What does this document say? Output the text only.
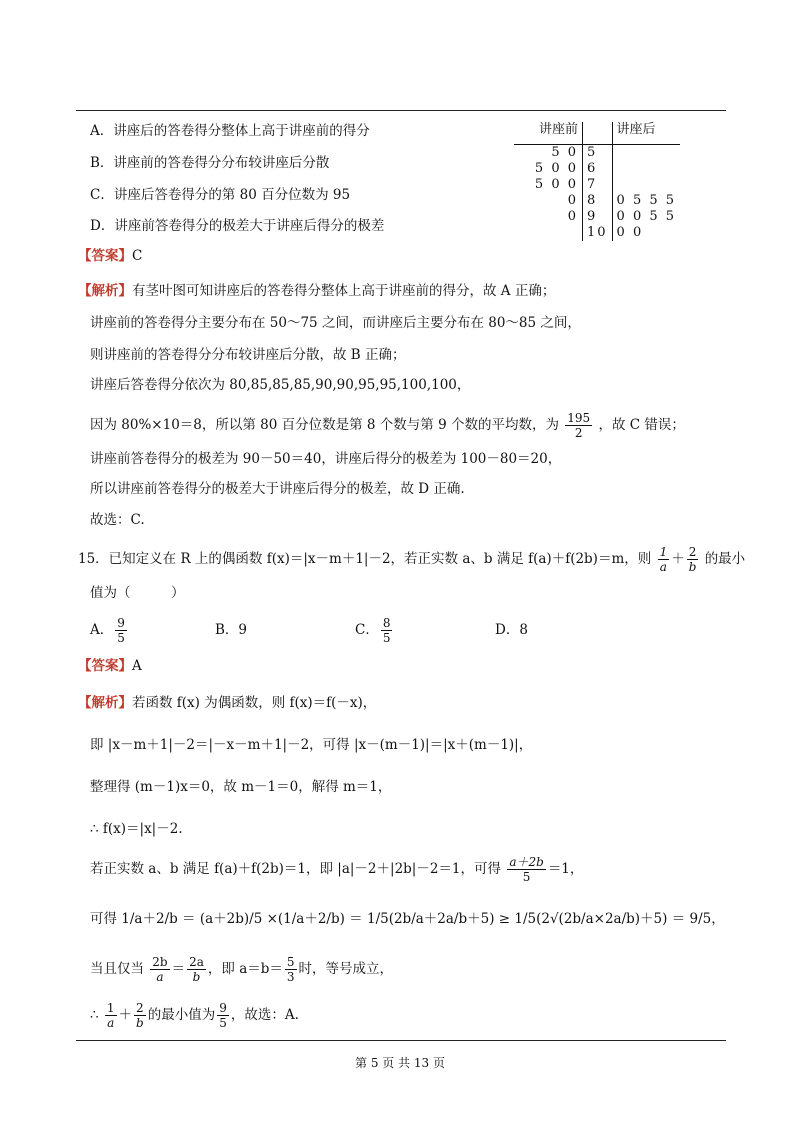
A．讲座后的答卷得分整体上高于讲座前的得分
B．讲座前的答卷得分分布较讲座后分散
C．讲座后答卷得分的第 80 百分位数为 95
D．讲座前答卷得分的极差大于讲座后得分的极差
讲座前		讲座后
5 0	5	
5 0 0	6	
5 0 0	7	
0	8	0 5 5 5
0	9	0 0 5 5
	10	0 0
【答案】C
【解析】有茎叶图可知讲座后的答卷得分整体上高于讲座前的得分，故 A 正确；
讲座前的答卷得分主要分布在 50～75 之间，而讲座后主要分布在 80～85 之间，
则讲座前的答卷得分分布较讲座后分散，故 B 正确；
讲座后答卷得分依次为 80,85,85,85,90,90,95,95,100,100，
因为 80%×10＝8，所以第 80 百分位数是第 8 个数与第 9 个数的平均数，为 $\frac{195}{2}$ ，故 C 错误；
讲座前答卷得分的极差为 90－50＝40，讲座后得分的极差为 100－80＝20，
所以讲座前答卷得分的极差大于讲座后得分的极差，故 D 正确.
故选：C.
15．已知定义在 R 上的偶函数 f(x)＝|x－m＋1|－2，若正实数 a、b 满足 f(a)＋f(2b)＝m，则 $\frac{1}{a} + \frac{2}{b}$ 的最小
值为（　　　）
A． $\frac{9}{5}$	B．9	C． $\frac{8}{5}$	D．8
【答案】A
【解析】若函数 f(x) 为偶函数，则 f(x)＝f(－x)，
即 |x－m＋1|－2＝|－x－m＋1|－2，可得 |x－(m－1)|＝|x＋(m－1)|，
整理得 (m－1)x＝0，故 m－1＝0，解得 m＝1，
∴ f(x)＝|x|－2.
若正实数 a、b 满足 f(a)＋f(2b)＝1，即 |a|－2＋|2b|－2＝1，可得 $\frac{a+2b}{5} =1$，
可得 1/a＋2/b ＝ (a＋2b)/5 ×(1/a＋2/b) ＝ 1/5(2b/a＋2a/b＋5) ≥ 1/5(2√(2b/a×2a/b)＋5) ＝ 9/5，
当且仅当 $\frac{2b}{a} = \frac{2a}{b}$ ，即 $a=b= \frac{5}{3}$ 时，等号成立，
∴ $\frac{1}{a} + \frac{2}{b}$ 的最小值为 $\frac{9}{5}$ ，故选：A.
第 5 页 共 13 页
